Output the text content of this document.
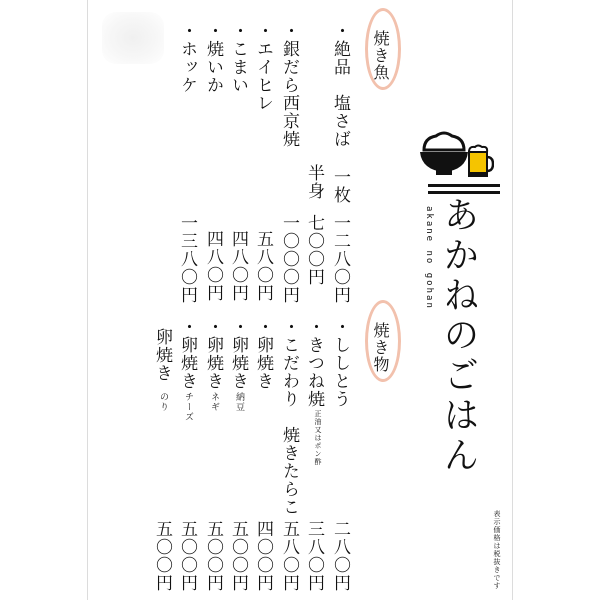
焼き魚
焼き物
・絶品　塩さば
一枚
一二八〇円
半身
七〇〇円
・銀だら西京焼
一〇〇〇円
・エイヒレ
五八〇円
・こまい
四八〇円
・焼いか
四八〇円
・ホッケ
一三八〇円
・ししとう
二八〇円
・きつね焼
正油又はポン酢
三八〇円
・こだわり　焼きたらこ
五八〇円
・卵焼き
四〇〇円
・卵焼き
納豆
五〇〇円
・卵焼き
ネギ
五〇〇円
・卵焼き
チーズ
五〇〇円
卵焼き
のり
五〇〇円
あかねのごはん
akane no gohan
表示価格は税抜きです
